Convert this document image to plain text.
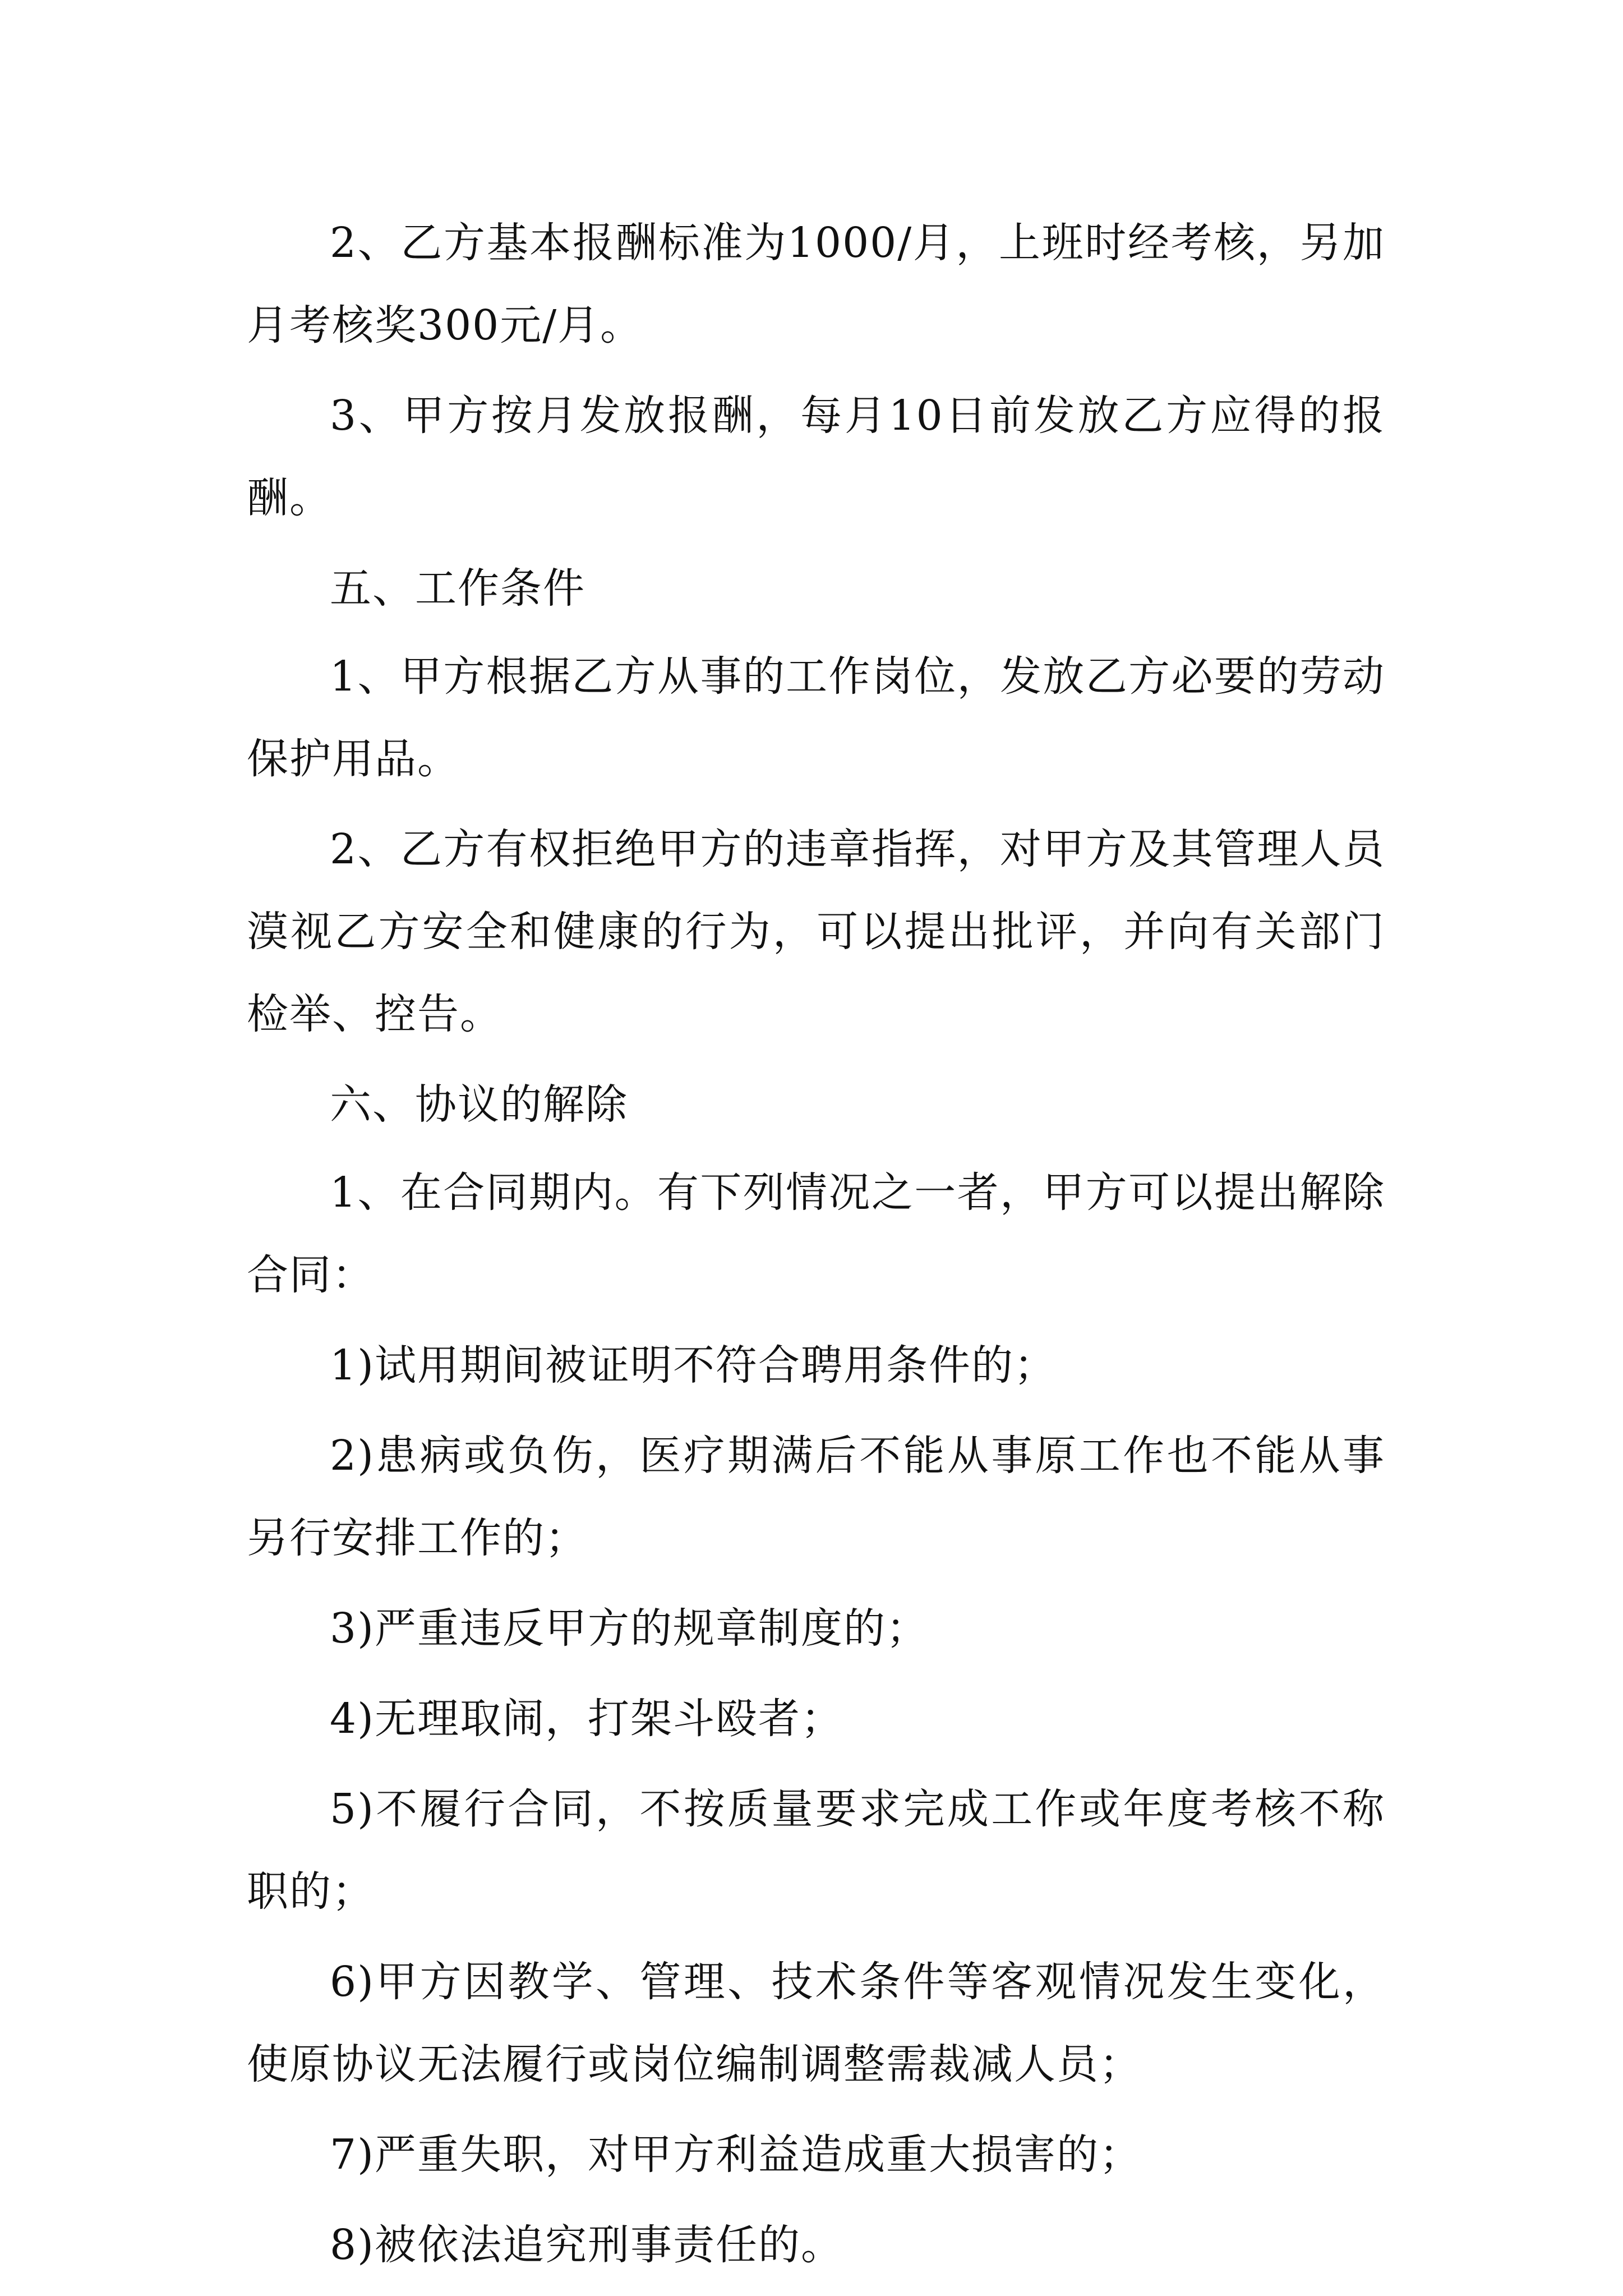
2、乙方基本报酬标准为1000/月，上班时经考核，另加月考核奖300元/月。

3、甲方按月发放报酬，每月10日前发放乙方应得的报酬。

五、工作条件

1、甲方根据乙方从事的工作岗位，发放乙方必要的劳动保护用品。

2、乙方有权拒绝甲方的违章指挥，对甲方及其管理人员漠视乙方安全和健康的行为，可以提出批评，并向有关部门检举、控告。

六、协议的解除

1、在合同期内。有下列情况之一者，甲方可以提出解除合同：

1)试用期间被证明不符合聘用条件的；

2)患病或负伤，医疗期满后不能从事原工作也不能从事另行安排工作的；

3)严重违反甲方的规章制度的；

4)无理取闹，打架斗殴者；

5)不履行合同，不按质量要求完成工作或年度考核不称职的；

6)甲方因教学、管理、技术条件等客观情况发生变化，使原协议无法履行或岗位编制调整需裁减人员；

7)严重失职，对甲方利益造成重大损害的；

8)被依法追究刑事责任的。
